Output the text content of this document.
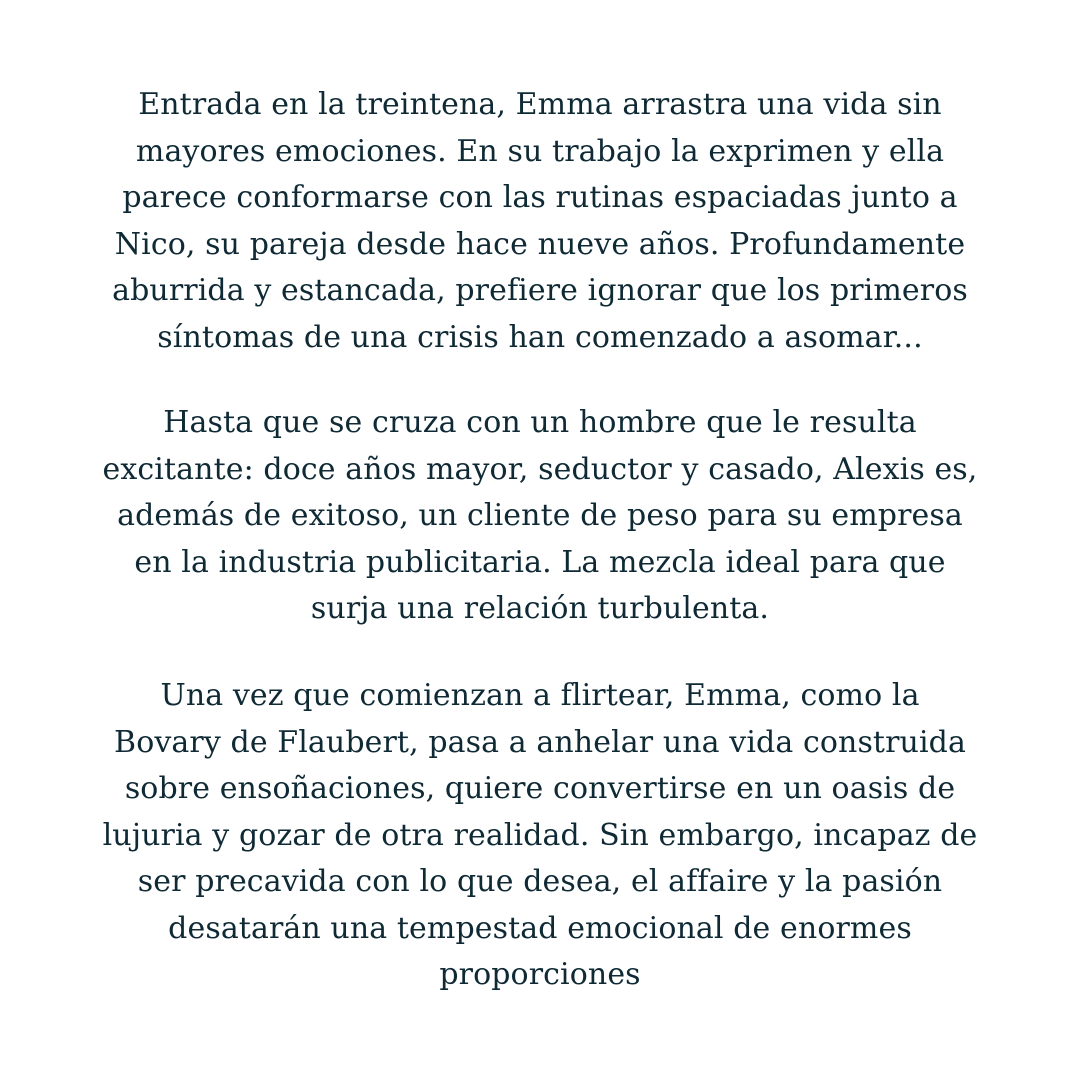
Entrada en la treintena, Emma arrastra una vida sin
mayores emociones. En su trabajo la exprimen y ella
parece conformarse con las rutinas espaciadas junto a
Nico, su pareja desde hace nueve años. Profundamente
aburrida y estancada, prefiere ignorar que los primeros
síntomas de una crisis han comenzado a asomar...
Hasta que se cruza con un hombre que le resulta
excitante: doce años mayor, seductor y casado, Alexis es,
además de exitoso, un cliente de peso para su empresa
en la industria publicitaria. La mezcla ideal para que
surja una relación turbulenta.
Una vez que comienzan a flirtear, Emma, como la
Bovary de Flaubert, pasa a anhelar una vida construida
sobre ensoñaciones, quiere convertirse en un oasis de
lujuria y gozar de otra realidad. Sin embargo, incapaz de
ser precavida con lo que desea, el affaire y la pasión
desatarán una tempestad emocional de enormes
proporciones
